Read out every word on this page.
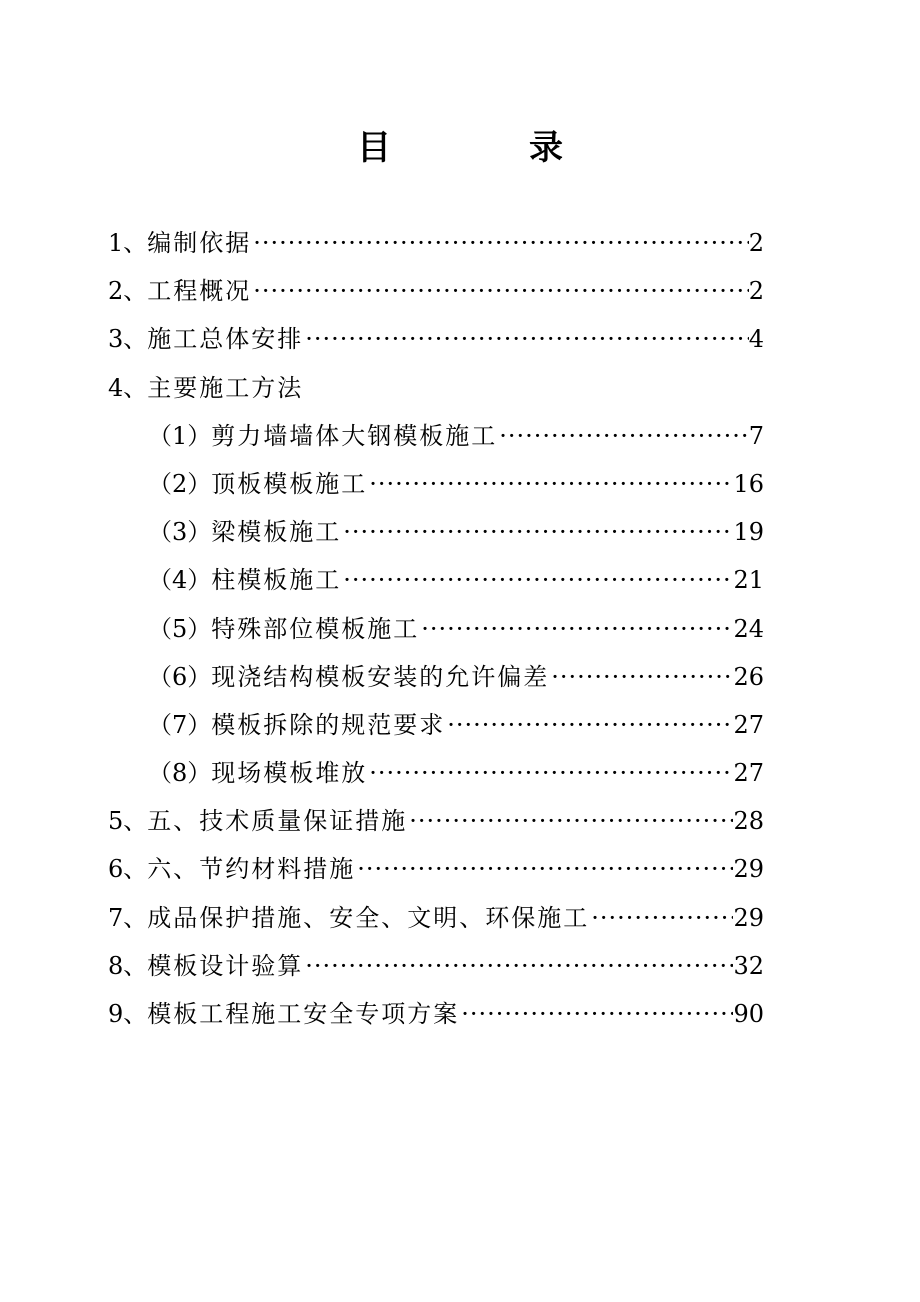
目　录
1、 编制依据 ·····	2
2、 工程概况 ·····	2
3、 施工总体安排 ·····	4
4、 主要施工方法
（1） 剪力墙墙体大钢模板施工 ·····	7
（2） 顶板模板施工 ·····	16
（3） 梁模板施工 ·····	19
（4） 柱模板施工 ·····	21
（5） 特殊部位模板施工 ·····	24
（6） 现浇结构模板安装的允许偏差 ·····	26
（7） 模板拆除的规范要求 ·····	27
（8） 现场模板堆放 ·····	27
5、 五、技术质量保证措施 ·····	28
6、 六、节约材料措施 ·····	29
7、 成品保护措施、安全、文明、环保施工 ·····	29
8、 模板设计验算 ·····	32
9、 模板工程施工安全专项方案 ·····	90
